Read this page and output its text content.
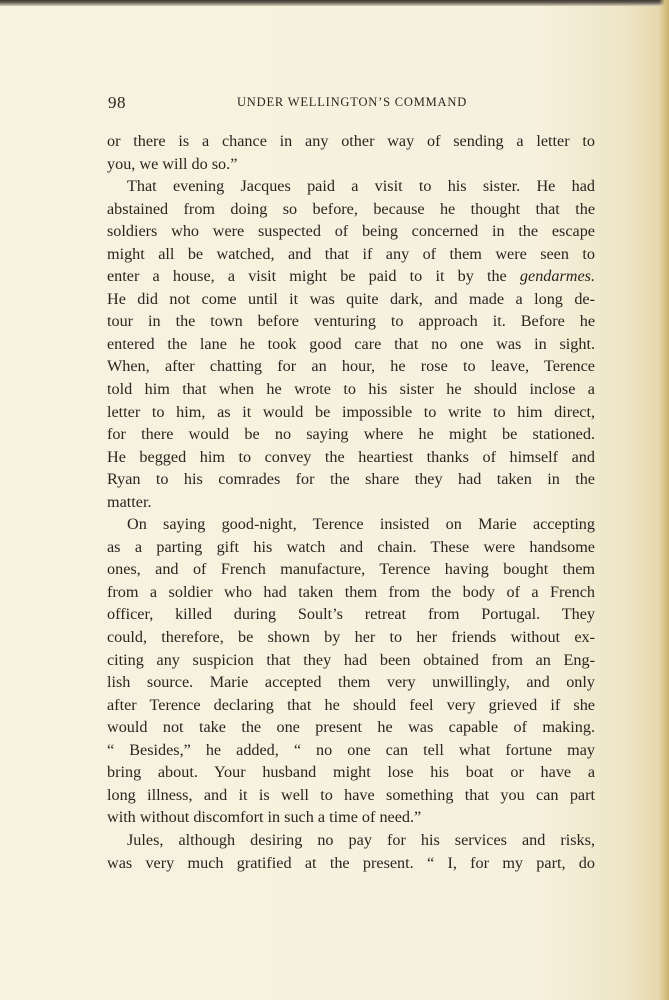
98	UNDER WELLINGTON’S COMMAND
or there is a chance in any other way of sending a letter to
you, we will do so.”
That evening Jacques paid a visit to his sister. He had
abstained from doing so before, because he thought that the
soldiers who were suspected of being concerned in the escape
might all be watched, and that if any of them were seen to
enter a house, a visit might be paid to it by the gendarmes.
He did not come until it was quite dark, and made a long de-
tour in the town before venturing to approach it. Before he
entered the lane he took good care that no one was in sight.
When, after chatting for an hour, he rose to leave, Terence
told him that when he wrote to his sister he should inclose a
letter to him, as it would be impossible to write to him direct,
for there would be no saying where he might be stationed.
He begged him to convey the heartiest thanks of himself and
Ryan to his comrades for the share they had taken in the
matter.
On saying good-night, Terence insisted on Marie accepting
as a parting gift his watch and chain. These were handsome
ones, and of French manufacture, Terence having bought them
from a soldier who had taken them from the body of a French
officer, killed during Soult’s retreat from Portugal. They
could, therefore, be shown by her to her friends without ex-
citing any suspicion that they had been obtained from an Eng-
lish source. Marie accepted them very unwillingly, and only
after Terence declaring that he should feel very grieved if she
would not take the one present he was capable of making.
“ Besides,” he added, “ no one can tell what fortune may
bring about. Your husband might lose his boat or have a
long illness, and it is well to have something that you can part
with without discomfort in such a time of need.”
Jules, although desiring no pay for his services and risks,
was very much gratified at the present. “ I, for my part, do
